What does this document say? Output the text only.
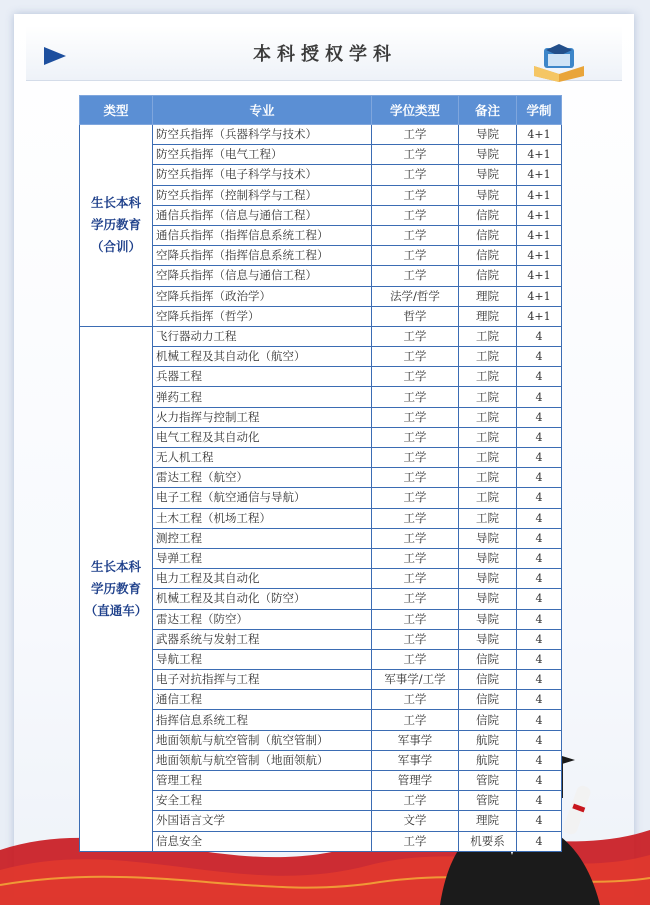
本科授权学科
类型	专业	学位类型	备注	学制

生长本科
学历教育
（合训）	防空兵指挥（兵器科学与技术）	工学	导院	4+1
	防空兵指挥（电气工程）	工学	导院	4+1
	防空兵指挥（电子科学与技术）	工学	导院	4+1
	防空兵指挥（控制科学与工程）	工学	导院	4+1
	通信兵指挥（信息与通信工程）	工学	信院	4+1
	通信兵指挥（指挥信息系统工程）	工学	信院	4+1
	空降兵指挥（指挥信息系统工程）	工学	信院	4+1
	空降兵指挥（信息与通信工程）	工学	信院	4+1
	空降兵指挥（政治学）	法学/哲学	理院	4+1
	空降兵指挥（哲学）	哲学	理院	4+1

生长本科
学历教育
（直通车）	飞行器动力工程	工学	工院	4
	机械工程及其自动化（航空）	工学	工院	4
	兵器工程	工学	工院	4
	弹药工程	工学	工院	4
	火力指挥与控制工程	工学	工院	4
	电气工程及其自动化	工学	工院	4
	无人机工程	工学	工院	4
	雷达工程（航空）	工学	工院	4
	电子工程（航空通信与导航）	工学	工院	4
	土木工程（机场工程）	工学	工院	4
	测控工程	工学	导院	4
	导弹工程	工学	导院	4
	电力工程及其自动化	工学	导院	4
	机械工程及其自动化（防空）	工学	导院	4
	雷达工程（防空）	工学	导院	4
	武器系统与发射工程	工学	导院	4
	导航工程	工学	信院	4
	电子对抗指挥与工程	军事学/工学	信院	4
	通信工程	工学	信院	4
	指挥信息系统工程	工学	信院	4
	地面领航与航空管制（航空管制）	军事学	航院	4
	地面领航与航空管制（地面领航）	军事学	航院	4
	管理工程	管理学	管院	4
	安全工程	工学	管院	4
	外国语言文学	文学	理院	4
	信息安全	工学	机要系	4
